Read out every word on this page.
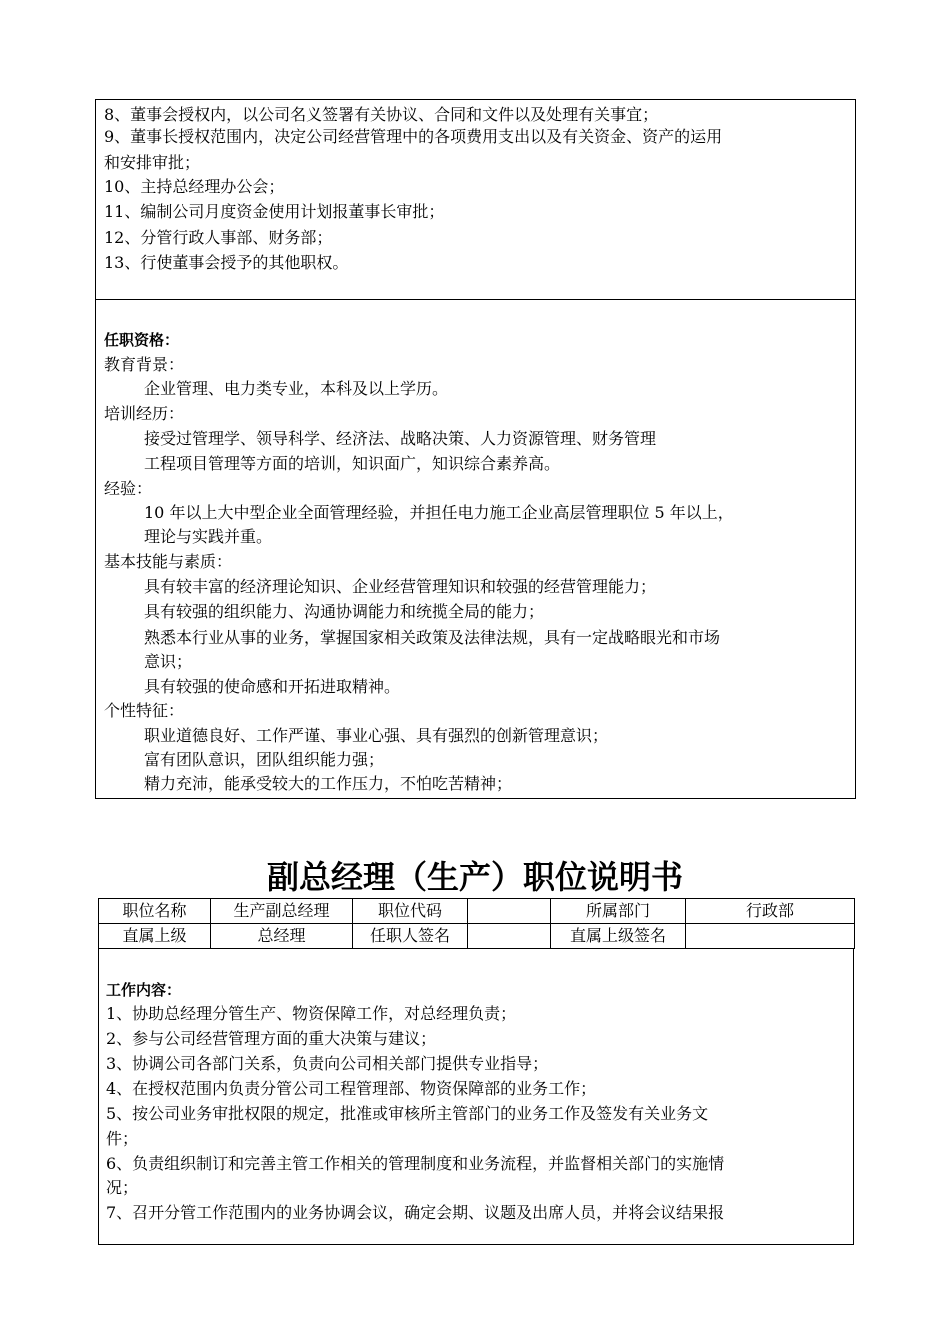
8、董事会授权内，以公司名义签署有关协议、合同和文件以及处理有关事宜；
9、董事长授权范围内，决定公司经营管理中的各项费用支出以及有关资金、资产的运用
和安排审批；
10、主持总经理办公会；
11、编制公司月度资金使用计划报董事长审批；
12、分管行政人事部、财务部；
13、行使董事会授予的其他职权。
任职资格：
教育背景：
企业管理、电力类专业，本科及以上学历。
培训经历：
接受过管理学、领导科学、经济法、战略决策、人力资源管理、财务管理
工程项目管理等方面的培训，知识面广，知识综合素养高。
经验：
10 年以上大中型企业全面管理经验，并担任电力施工企业高层管理职位 5 年以上，
理论与实践并重。
基本技能与素质：
具有较丰富的经济理论知识、企业经营管理知识和较强的经营管理能力；
具有较强的组织能力、沟通协调能力和统揽全局的能力；
熟悉本行业从事的业务，掌握国家相关政策及法律法规，具有一定战略眼光和市场
意识；
具有较强的使命感和开拓进取精神。
个性特征：
职业道德良好、工作严谨、事业心强、具有强烈的创新管理意识；
富有团队意识，团队组织能力强；
精力充沛，能承受较大的工作压力，不怕吃苦精神；
副总经理（生产）职位说明书
职位名称	生产副总经理	职位代码		所属部门	行政部
直属上级	总经理	任职人签名		直属上级签名	
工作内容：
1、协助总经理分管生产、物资保障工作，对总经理负责；
2、参与公司经营管理方面的重大决策与建议；
3、协调公司各部门关系，负责向公司相关部门提供专业指导；
4、在授权范围内负责分管公司工程管理部、物资保障部的业务工作；
5、按公司业务审批权限的规定，批准或审核所主管部门的业务工作及签发有关业务文
件；
6、负责组织制订和完善主管工作相关的管理制度和业务流程，并监督相关部门的实施情
况；
7、召开分管工作范围内的业务协调会议，确定会期、议题及出席人员，并将会议结果报
